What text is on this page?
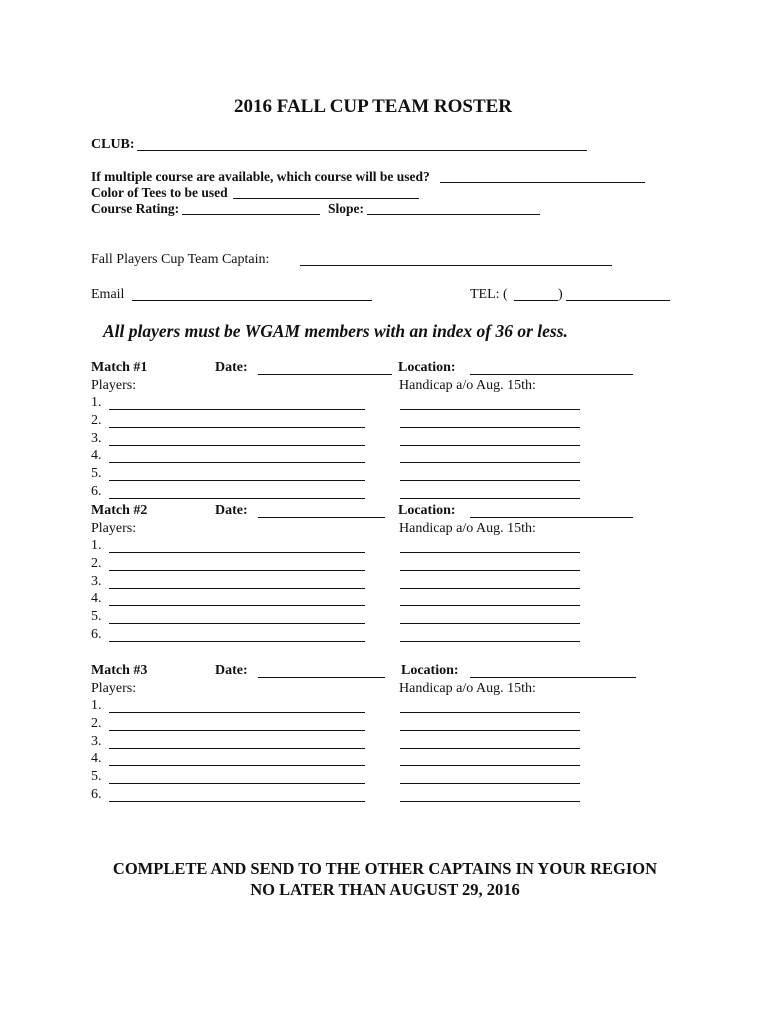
2016 FALL CUP TEAM ROSTER
CLUB:
If multiple course are available, which course will be used?
Color of Tees to be used
Course Rating:	Slope:
Fall Players Cup Team Captain:
Email	TEL: (	)
All players must be WGAM members with an index of 36 or less.
Match #1	Date:	Location:
Players:	Handicap a/o Aug. 15th:
1.
2.
3.
4.
5.
6.
Match #2	Date:	Location:
Players:	Handicap a/o Aug. 15th:
1.
2.
3.
4.
5.
6.
Match #3	Date:	Location:
Players:	Handicap a/o Aug. 15th:
1.
2.
3.
4.
5.
6.
COMPLETE AND SEND TO THE OTHER CAPTAINS IN YOUR REGION
NO LATER THAN AUGUST 29, 2016
